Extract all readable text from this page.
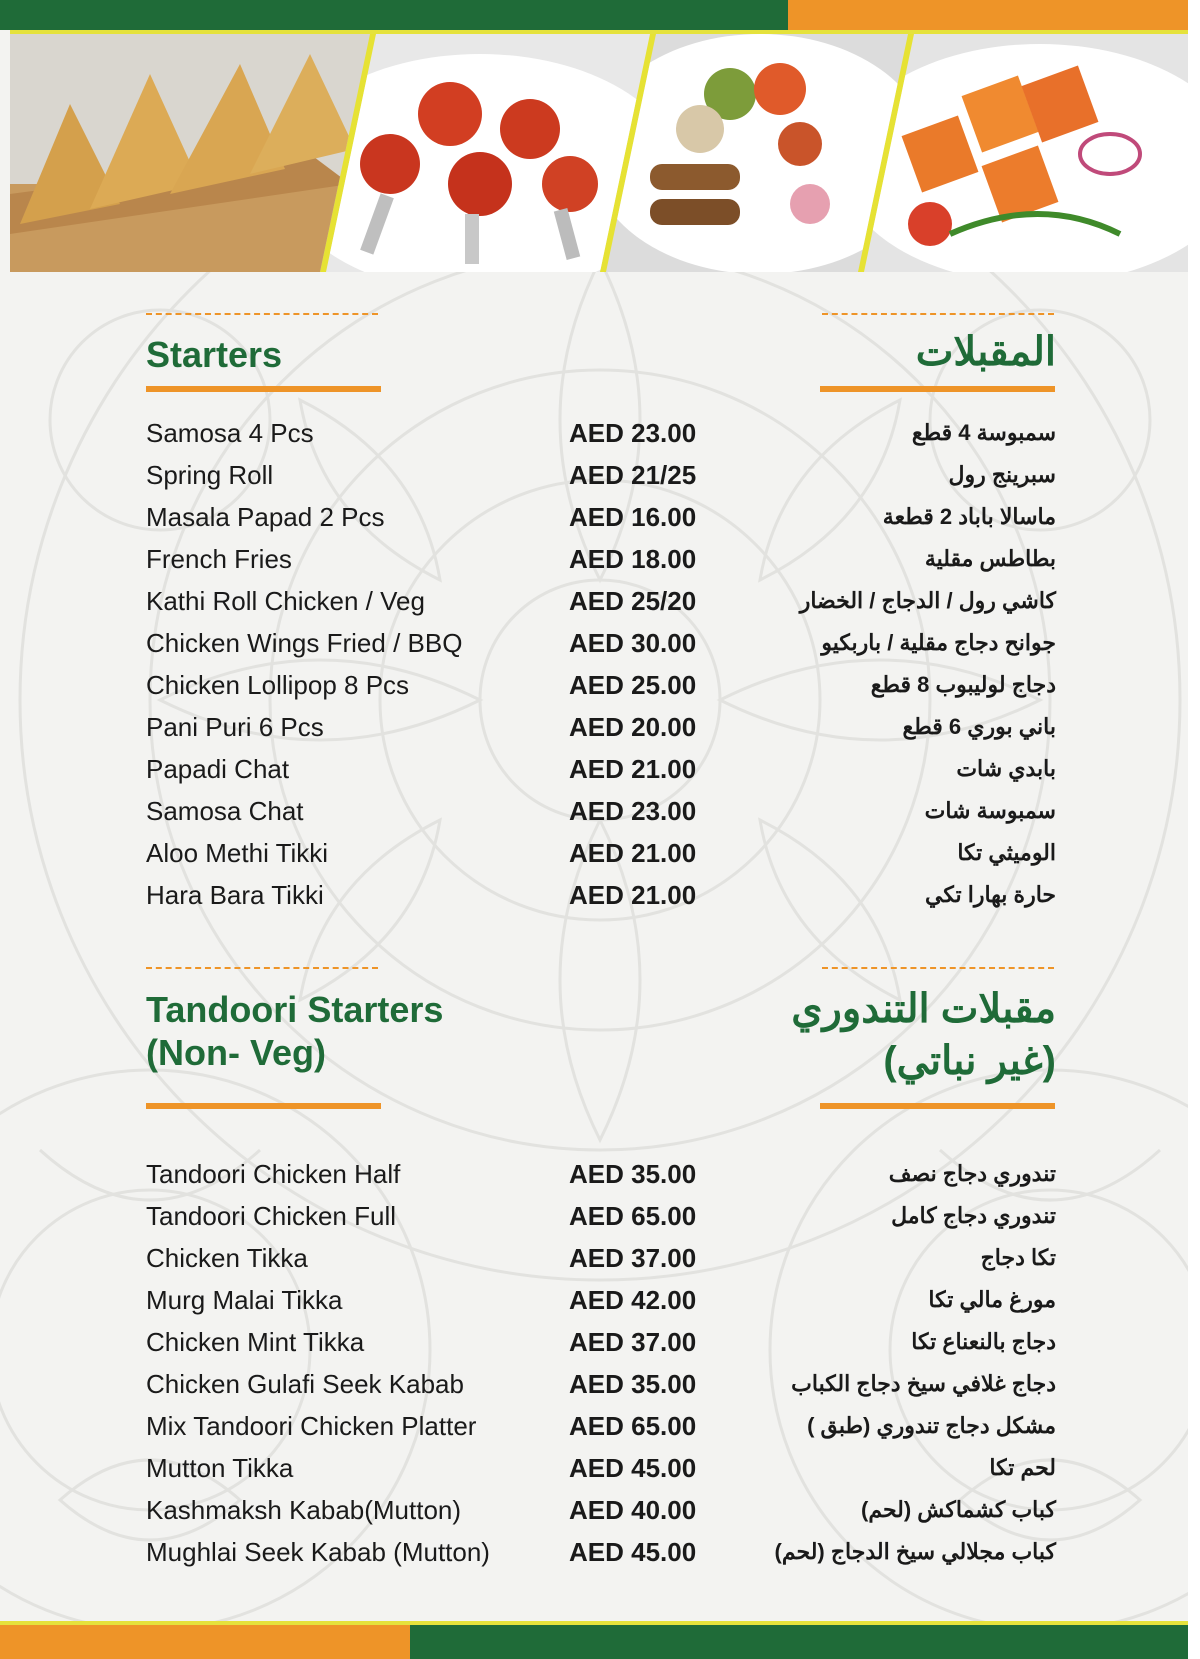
Starters	المقبلات
Samosa 4 Pcs	AED 23.00	سمبوسة 4 قطع
Spring Roll	AED 21/25	سبرينج رول
Masala Papad 2 Pcs	AED 16.00	ماسالا باباد 2 قطعة
French Fries	AED 18.00	بطاطس مقلية
Kathi Roll Chicken / Veg	AED 25/20	كاشي رول / الدجاج / الخضار
Chicken Wings Fried / BBQ	AED 30.00	جوانح دجاج مقلية / باربكيو
Chicken Lollipop 8 Pcs	AED 25.00	دجاج لوليبوب 8 قطع
Pani Puri 6 Pcs	AED 20.00	باني بوري 6 قطع
Papadi Chat	AED 21.00	بابدي شات
Samosa Chat	AED 23.00	سمبوسة شات
Aloo Methi Tikki	AED 21.00	الوميثي تكا
Hara Bara Tikki	AED 21.00	حارة بهارا تكي
Tandoori Starters
(Non- Veg)
مقبلات التندوري
(غير نباتي)
Tandoori Chicken Half	AED 35.00	تندوري دجاج نصف
Tandoori Chicken Full	AED 65.00	تندوري دجاج كامل
Chicken Tikka	AED 37.00	تكا دجاج
Murg Malai Tikka	AED 42.00	مورغ مالي تكا
Chicken Mint Tikka	AED 37.00	دجاج بالنعناع تكا
Chicken Gulafi Seek Kabab	AED 35.00	دجاج غلافي سيخ دجاج الكباب
Mix Tandoori Chicken Platter	AED 65.00	مشكل دجاج تندوري (طبق )
Mutton Tikka	AED 45.00	لحم تكا
Kashmaksh Kabab(Mutton)	AED 40.00	كباب كشماكش (لحم)
Mughlai Seek Kabab (Mutton)	AED 45.00	كباب مجلالي سيخ الدجاج (لحم)
